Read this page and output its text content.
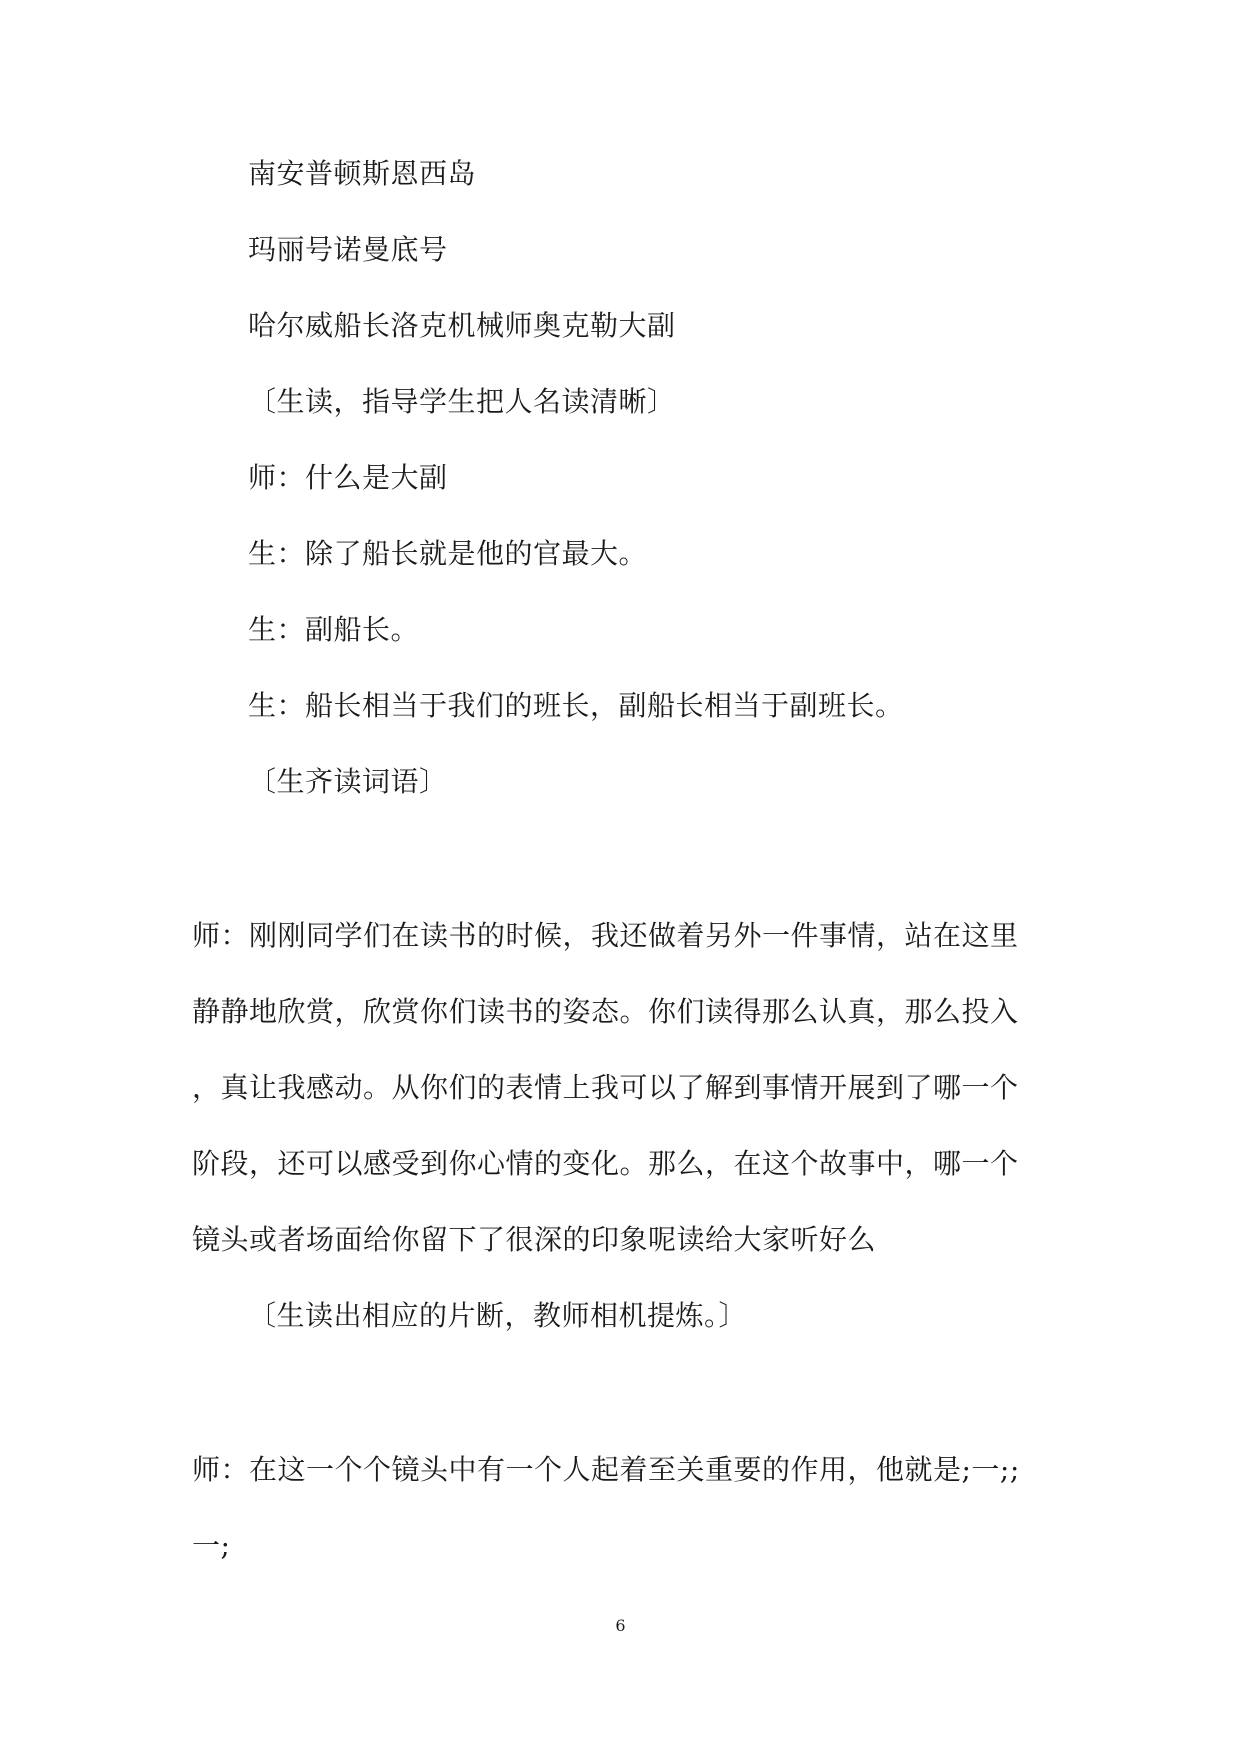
南安普顿斯恩西岛
玛丽号诺曼底号
哈尔威船长洛克机械师奥克勒大副
〔生读，指导学生把人名读清晰〕
师：什么是大副
生：除了船长就是他的官最大。
生：副船长。
生：船长相当于我们的班长，副船长相当于副班长。
〔生齐读词语〕
师：刚刚同学们在读书的时候，我还做着另外一件事情，站在这里
静静地欣赏，欣赏你们读书的姿态。你们读得那么认真，那么投入
，真让我感动。从你们的表情上我可以了解到事情开展到了哪一个
阶段，还可以感受到你心情的变化。那么，在这个故事中，哪一个
镜头或者场面给你留下了很深的印象呢读给大家听好么
〔生读出相应的片断，教师相机提炼。〕
师：在这一个个镜头中有一个人起着至关重要的作用，他就是;一;;
一;
6
